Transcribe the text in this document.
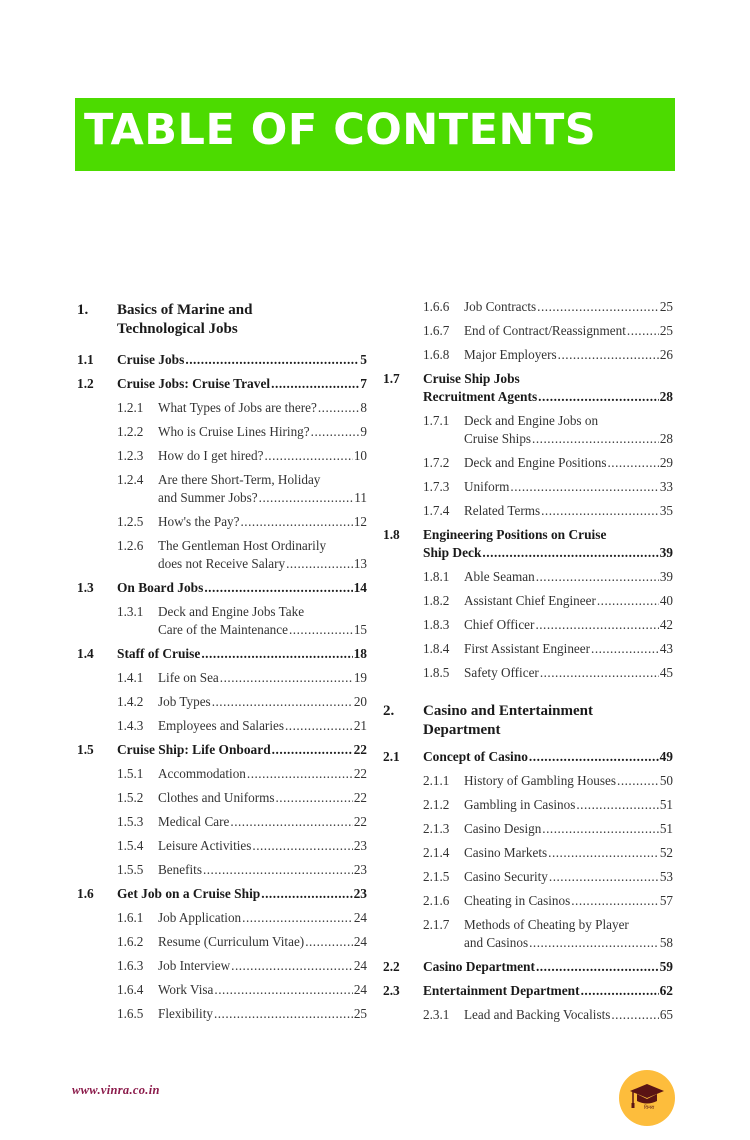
TABLE OF CONTENTS
1. Basics of Marine and
Technological Jobs
1.1 Cruise Jobs .....	5
1.2 Cruise Jobs: Cruise Travel .....	7
1.2.1 What Types of Jobs are there? .....	8
1.2.2 Who is Cruise Lines Hiring? .....	9
1.2.3 How do I get hired? .....	10
1.2.4 Are there Short-Term, Holiday
and Summer Jobs? .....	11
1.2.5 How's the Pay? .....	12
1.2.6 The Gentleman Host Ordinarily
does not Receive Salary .....	13
1.3 On Board Jobs .....	14
1.3.1 Deck and Engine Jobs Take
Care of the Maintenance .....	15
1.4 Staff of Cruise .....	18
1.4.1 Life on Sea .....	19
1.4.2 Job Types .....	20
1.4.3 Employees and Salaries .....	21
1.5 Cruise Ship: Life Onboard .....	22
1.5.1 Accommodation .....	22
1.5.2 Clothes and Uniforms .....	22
1.5.3 Medical Care .....	22
1.5.4 Leisure Activities .....	23
1.5.5 Benefits .....	23
1.6 Get Job on a Cruise Ship .....	23
1.6.1 Job Application .....	24
1.6.2 Resume (Curriculum Vitae) .....	24
1.6.3 Job Interview .....	24
1.6.4 Work Visa .....	24
1.6.5 Flexibility .....	25
1.6.6 Job Contracts .....	25
1.6.7 End of Contract/Reassignment .....	25
1.6.8 Major Employers .....	26
1.7 Cruise Ship Jobs
Recruitment Agents .....	28
1.7.1 Deck and Engine Jobs on
Cruise Ships .....	28
1.7.2 Deck and Engine Positions .....	29
1.7.3 Uniform .....	33
1.7.4 Related Terms .....	35
1.8 Engineering Positions on Cruise
Ship Deck .....	39
1.8.1 Able Seaman .....	39
1.8.2 Assistant Chief Engineer .....	40
1.8.3 Chief Officer .....	42
1.8.4 First Assistant Engineer .....	43
1.8.5 Safety Officer .....	45
2. Casino and Entertainment
Department
2.1 Concept of Casino .....	49
2.1.1 History of Gambling Houses .....	50
2.1.2 Gambling in Casinos .....	51
2.1.3 Casino Design .....	51
2.1.4 Casino Markets .....	52
2.1.5 Casino Security .....	53
2.1.6 Cheating in Casinos .....	57
2.1.7 Methods of Cheating by Player
and Casinos .....	58
2.2 Casino Department .....	59
2.3 Entertainment Department .....	62
2.3.1 Lead and Backing Vocalists .....	65
www.vinra.co.in
विनरा
